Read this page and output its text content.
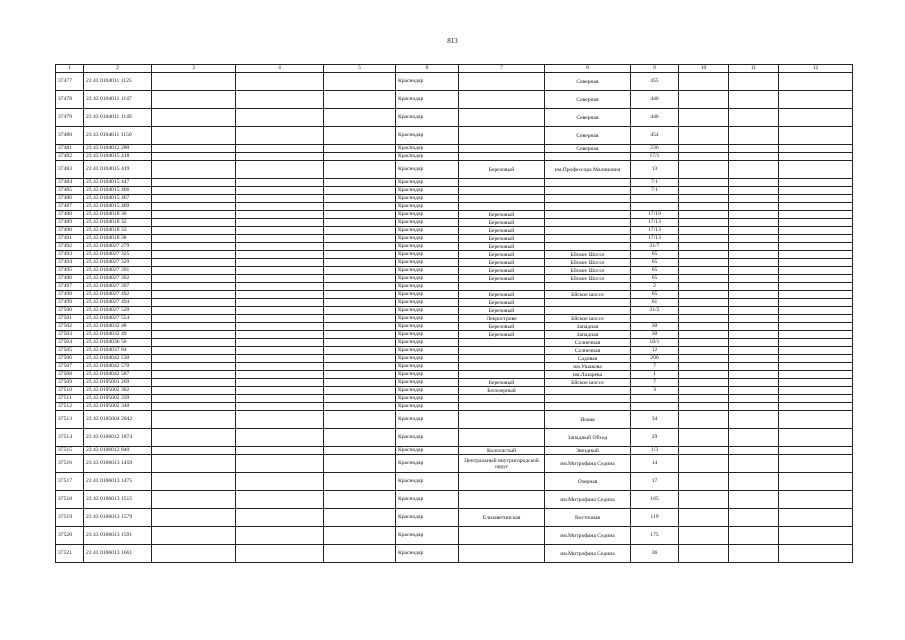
813
1	2	3	4	5	6	7	8	9	10	11	12
37477	23 43 0104011 1125				Краснодар		Северная	455			
37478	23 43 0104011 1147				Краснодар		Северная	446			
37479	23 43 0104011 1149				Краснодар		Северная	446			
37480	23 43 0104011 1150				Краснодар		Северная	454			
37481	23 43 0104012 280				Краснодар		Северная	236			
37482	23 43 0104015 418				Краснодар			17/1			
37483	23 43 0104015 419				Краснодар	Березовый	им.Профессора Малиновна	13			
37484	23 43 0104015 447				Краснодар			7/1			
37485	23 43 0104015 466				Краснодар			7/1			
37486	23 43 0104015 467				Краснодар						
37487	23 43 0104015 469				Краснодар						
37488	23 43 0104018 30				Краснодар	Березовый		17/19			
37489	23 43 0104018 32				Краснодар	Березовый		17/13			
37490	23 43 0104018 33				Краснодар	Березовый		17/13			
37491	23 43 0104018 38				Краснодар	Березовый		17/13			
37492	23 43 0104027 279				Краснодар	Березовый		31/7			
37493	23 43 0104027 325				Краснодар	Березовый	Бйское Шоссе	65			
37494	23 43 0104027 329				Краснодар	Березовый	Бйское Шоссе	65			
37495	23 43 0104027 391				Краснодар	Березовый	Бйское Шоссе	65			
37496	23 43 0104027 392				Краснодар	Березовый	Бйское Шоссе	65			
37497	23 43 0104027 397				Краснодар			2			
37498	23 43 0104027 492				Краснодар	Березовый	Бйское шоссе	65			
37499	23 43 0104027 494				Краснодар	Березовый		61			
37500	23 43 0104027 520				Краснодар	Березовый		31/2			
37501	23 43 0104027 554				Краснодар	Лекрострове	Бйское шоссе				
37502	23 43 0104032 48				Краснодар	Березовый	Западная	30			
37503	23 43 0104032 49				Краснодар	Березовый	Западная	30			
37504	23 43 0104036 50				Краснодар		Солнечная	10/1			
37505	23 43 0104037 84				Краснодар		Солнечная	12			
37506	23 43 0104042 530				Краснодар		Садовая	200			
37507	23 43 0104042 570				Краснодар		им.Ушакова	7			
37508	23 43 0104042 587				Краснодар		им.Лазарева	1			
37509	23 43 0105001 269				Краснодар	Березовый	Бйское шоссе	7			
37510	23 43 0105002 302				Краснодар	Белозерный		3			
37511	23 43 0105002 339				Краснодар						
37512	23 43 0105002 340				Краснодар						
37513	23 43 0105004 2042				Краснодар		Новая	34			
37514	23 43 0106012 1874				Краснодар		Западный Обход	29			
37515	23 43 0106012 840				Краснодар	Колосистый	Звездный	1/3			
37516	23 43 0106013 1459				Краснодар	Центральный внутригородской округ	им.Митрофана Седина	14			
37517	23 43 0106013 1475				Краснодар		Озерная	17			
37518	23 43 0106013 1515				Краснодар		им.Митрофана Седина	165			
37519	23 43 0106013 1579				Краснодар	Елизаветинская	Восточная	119			
37520	23 43 0106013 1591				Краснодар		им.Митрофана Седина	175			
37521	23 43 0106013 1661				Краснодар		им.Митрофана Седина	36			
